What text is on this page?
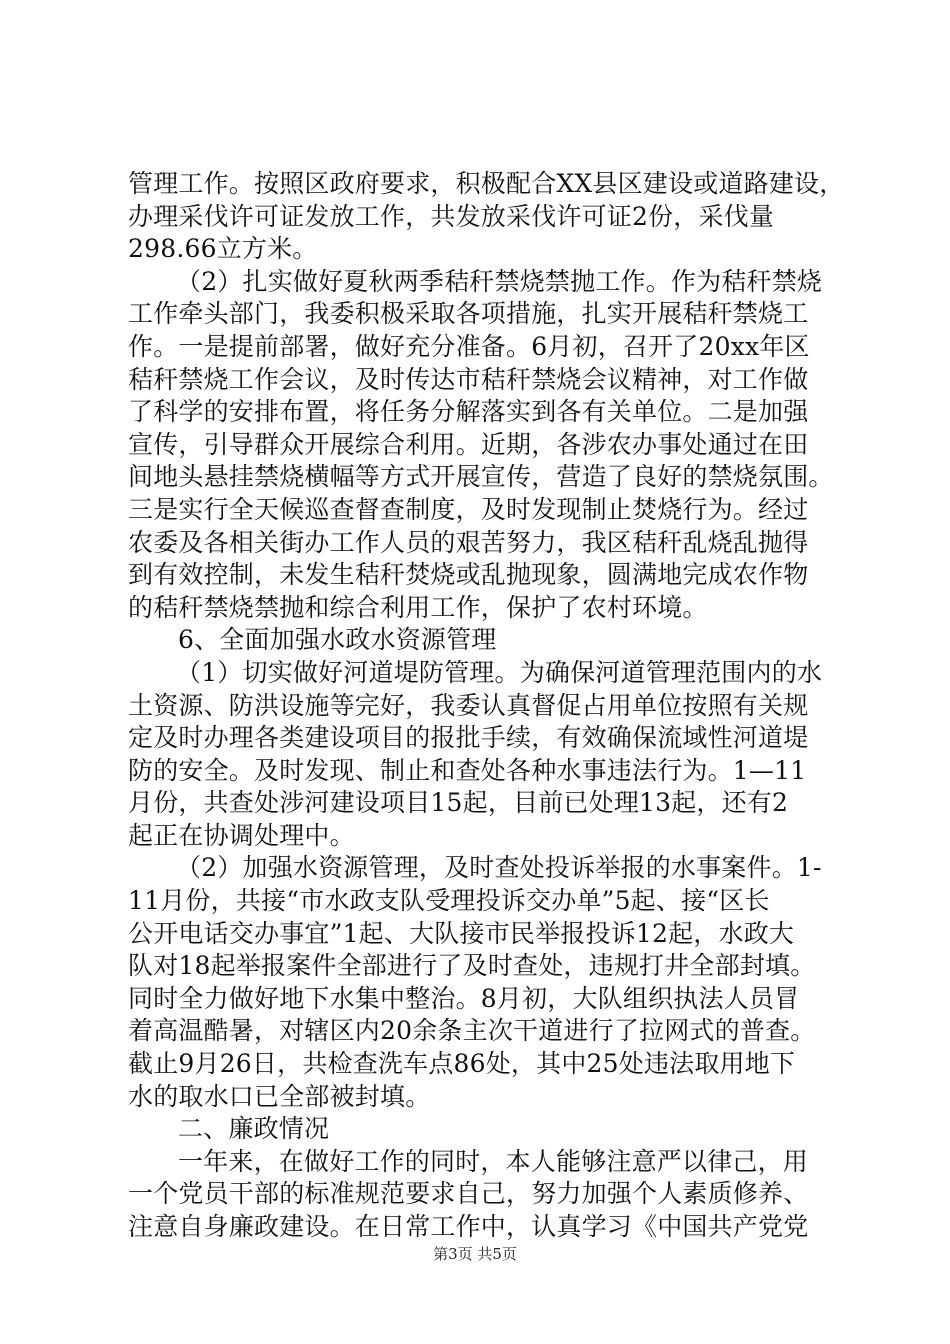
管理工作。按照区政府要求，积极配合XX县区建设或道路建设，
办理采伐许可证发放工作，共发放采伐许可证2份，采伐量
298.66立方米。
（2）扎实做好夏秋两季秸秆禁烧禁抛工作。作为秸秆禁烧
工作牵头部门，我委积极采取各项措施，扎实开展秸秆禁烧工
作。一是提前部署，做好充分准备。6月初，召开了20xx年区
秸秆禁烧工作会议，及时传达市秸秆禁烧会议精神，对工作做
了科学的安排布置，将任务分解落实到各有关单位。二是加强
宣传，引导群众开展综合利用。近期，各涉农办事处通过在田
间地头悬挂禁烧横幅等方式开展宣传，营造了良好的禁烧氛围。
三是实行全天候巡查督查制度，及时发现制止焚烧行为。经过
农委及各相关街办工作人员的艰苦努力，我区秸秆乱烧乱抛得
到有效控制，未发生秸秆焚烧或乱抛现象，圆满地完成农作物
的秸秆禁烧禁抛和综合利用工作，保护了农村环境。
6、全面加强水政水资源管理
（1）切实做好河道堤防管理。为确保河道管理范围内的水
土资源、防洪设施等完好，我委认真督促占用单位按照有关规
定及时办理各类建设项目的报批手续，有效确保流域性河道堤
防的安全。及时发现、制止和查处各种水事违法行为。1—11
月份，共查处涉河建设项目15起，目前已处理13起，还有2
起正在协调处理中。
（2）加强水资源管理，及时查处投诉举报的水事案件。1-
11月份，共接“市水政支队受理投诉交办单”5起、接“区长
公开电话交办事宜”1起、大队接市民举报投诉12起，水政大
队对18起举报案件全部进行了及时查处，违规打井全部封填。
同时全力做好地下水集中整治。8月初，大队组织执法人员冒
着高温酷暑，对辖区内20余条主次干道进行了拉网式的普查。
截止9月26日，共检查洗车点86处，其中25处违法取用地下
水的取水口已全部被封填。
二、廉政情况
一年来，在做好工作的同时，本人能够注意严以律己，用
一个党员干部的标准规范要求自己，努力加强个人素质修养、
注意自身廉政建设。在日常工作中，认真学习《中国共产党党
第3页 共5页
